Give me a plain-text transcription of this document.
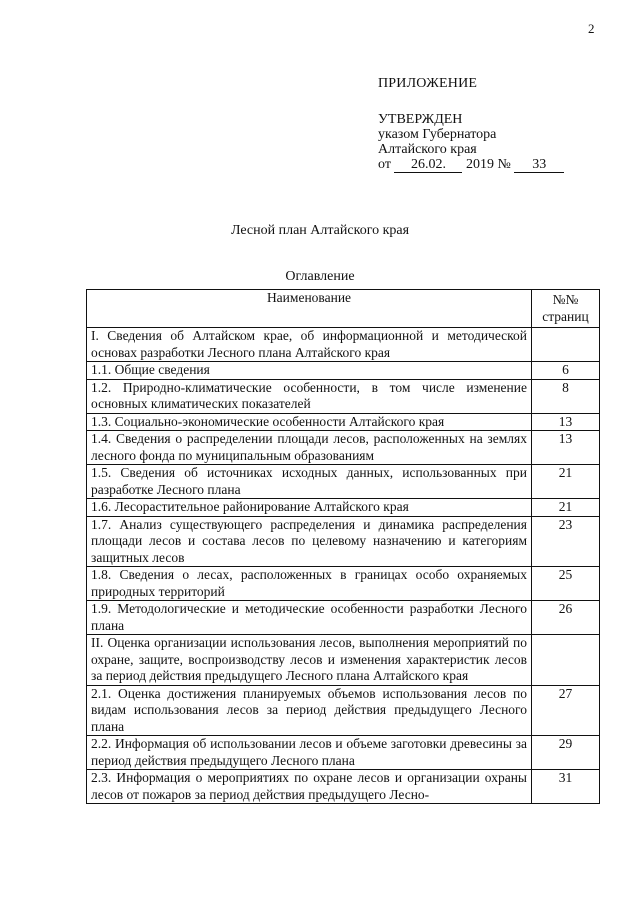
2
ПРИЛОЖЕНИЕ
УТВЕРЖДЕН
указом Губернатора
Алтайского края
от 26.02. 2019 № 33
Лесной план Алтайского края
Оглавление
Наименование	№№ страниц
I. Сведения об Алтайском крае, об информационной и методической основах разработки Лесного плана Алтайского края	
1.1. Общие сведения	6
1.2. Природно-климатические особенности, в том числе изменение основных климатических показателей	8
1.3. Социально-экономические особенности Алтайского края	13
1.4. Сведения о распределении площади лесов, расположенных на землях лесного фонда по муниципальным образованиям	13
1.5. Сведения об источниках исходных данных, использованных при разработке Лесного плана	21
1.6. Лесорастительное районирование Алтайского края	21
1.7. Анализ существующего распределения и динамика распределения площади лесов и состава лесов по целевому назначению и категориям защитных лесов	23
1.8. Сведения о лесах, расположенных в границах особо охраняемых природных территорий	25
1.9. Методологические и методические особенности разработки Лесного плана	26
II. Оценка организации использования лесов, выполнения мероприятий по охране, защите, воспроизводству лесов и изменения характеристик лесов за период действия предыдущего Лесного плана Алтайского края	
2.1. Оценка достижения планируемых объемов использования лесов по видам использования лесов за период действия предыдущего Лесного плана	27
2.2. Информация об использовании лесов и объеме заготовки древесины за период действия предыдущего Лесного плана	29
2.3. Информация о мероприятиях по охране лесов и организации охраны лесов от пожаров за период действия предыдущего Лесно-	31
